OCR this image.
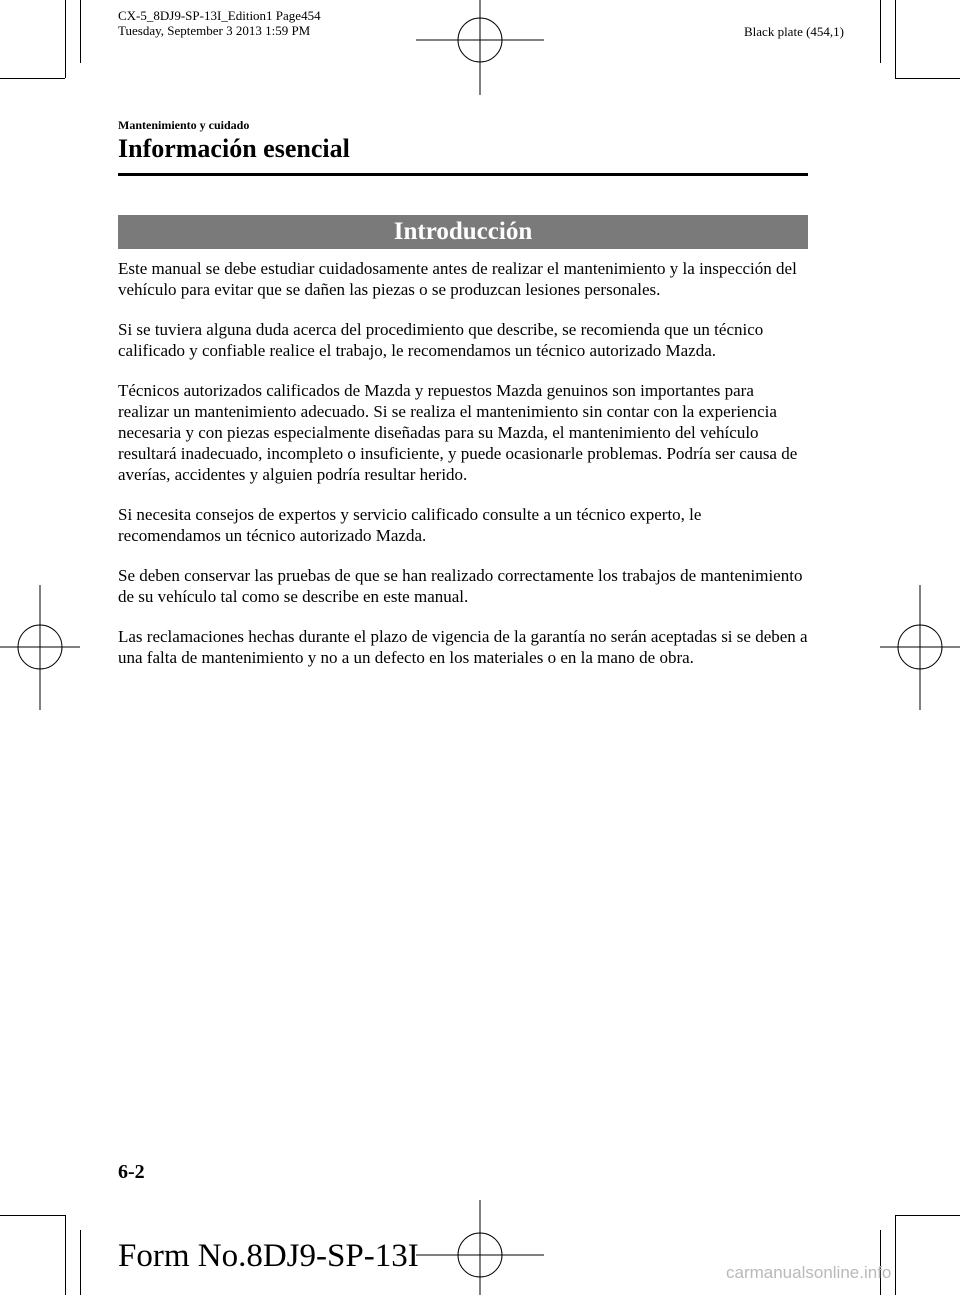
CX-5_8DJ9-SP-13I_Edition1 Page454
Tuesday, September 3 2013 1:59 PM	Black plate (454,1)
Mantenimiento y cuidado
Información esencial
Introducción

Este manual se debe estudiar cuidadosamente antes de realizar el mantenimiento y la inspección del vehículo para evitar que se dañen las piezas o se produzcan lesiones personales.

Si se tuviera alguna duda acerca del procedimiento que describe, se recomienda que un técnico calificado y confiable realice el trabajo, le recomendamos un técnico autorizado Mazda.

Técnicos autorizados calificados de Mazda y repuestos Mazda genuinos son importantes para realizar un mantenimiento adecuado. Si se realiza el mantenimiento sin contar con la experiencia necesaria y con piezas especialmente diseñadas para su Mazda, el mantenimiento del vehículo resultará inadecuado, incompleto o insuficiente, y puede ocasionarle problemas. Podría ser causa de averías, accidentes y alguien podría resultar herido.

Si necesita consejos de expertos y servicio calificado consulte a un técnico experto, le recomendamos un técnico autorizado Mazda.

Se deben conservar las pruebas de que se han realizado correctamente los trabajos de mantenimiento de su vehículo tal como se describe en este manual.

Las reclamaciones hechas durante el plazo de vigencia de la garantía no serán aceptadas si se deben a una falta de mantenimiento y no a un defecto en los materiales o en la mano de obra.

6-2
Form No.8DJ9-SP-13I	carmanualsonline.info
